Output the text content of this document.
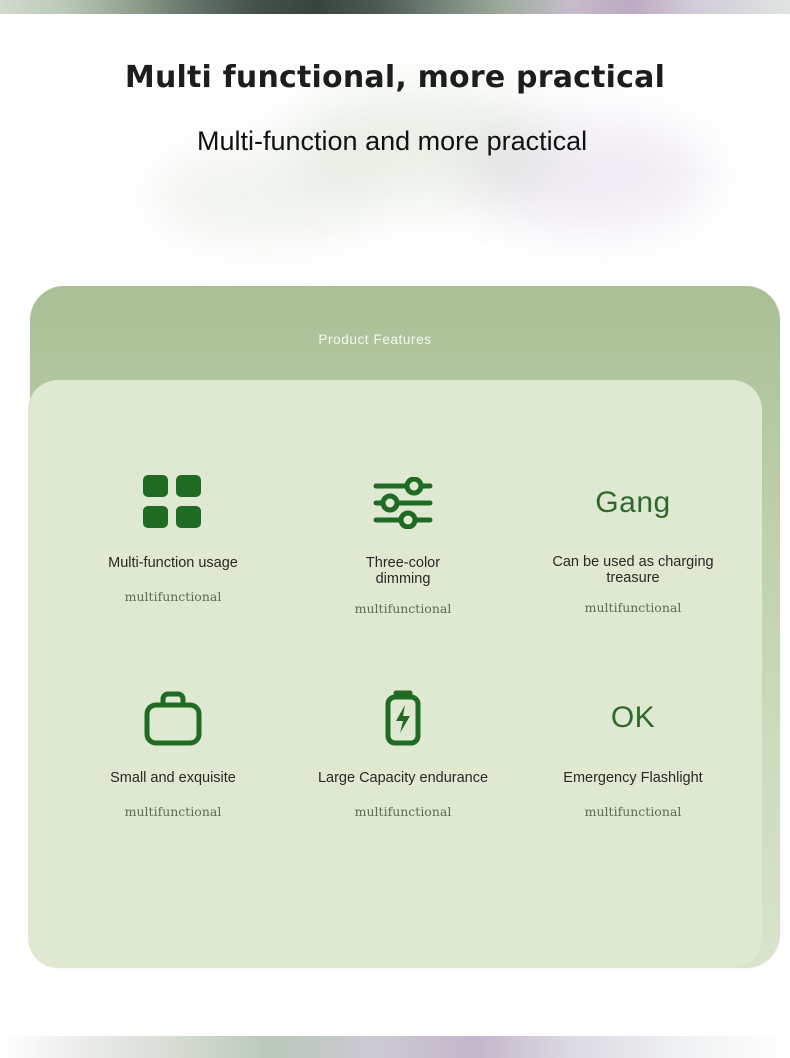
Multi functional, more practical
Multi-function and more practical
Product Features
Multi-function usage
multifunctional
Three-color dimming
multifunctional
Gang
Can be used as charging treasure
multifunctional
Small and exquisite
multifunctional
Large Capacity endurance
multifunctional
OK
Emergency Flashlight
multifunctional
